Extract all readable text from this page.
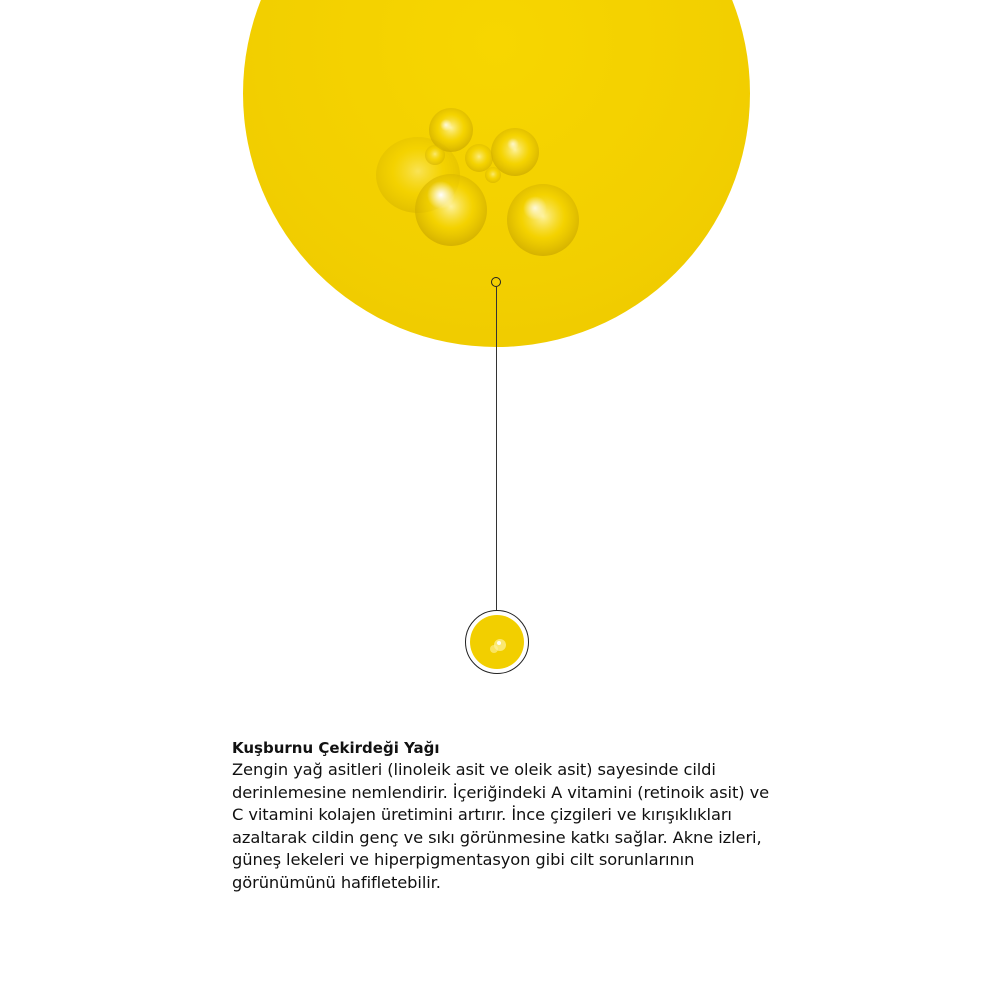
Kuşburnu Çekirdeği Yağı

Zengin yağ asitleri (linoleik asit ve oleik asit) sayesinde cildi derinlemesine nemlendirir. İçeriğindeki A vitamini (retinoik asit) ve C vitamini kolajen üretimini artırır. İnce çizgileri ve kırışıklıkları azaltarak cildin genç ve sıkı görünmesine katkı sağlar. Akne izleri, güneş lekeleri ve hiperpigmentasyon gibi cilt sorunlarının görünümünü hafifletebilir.
